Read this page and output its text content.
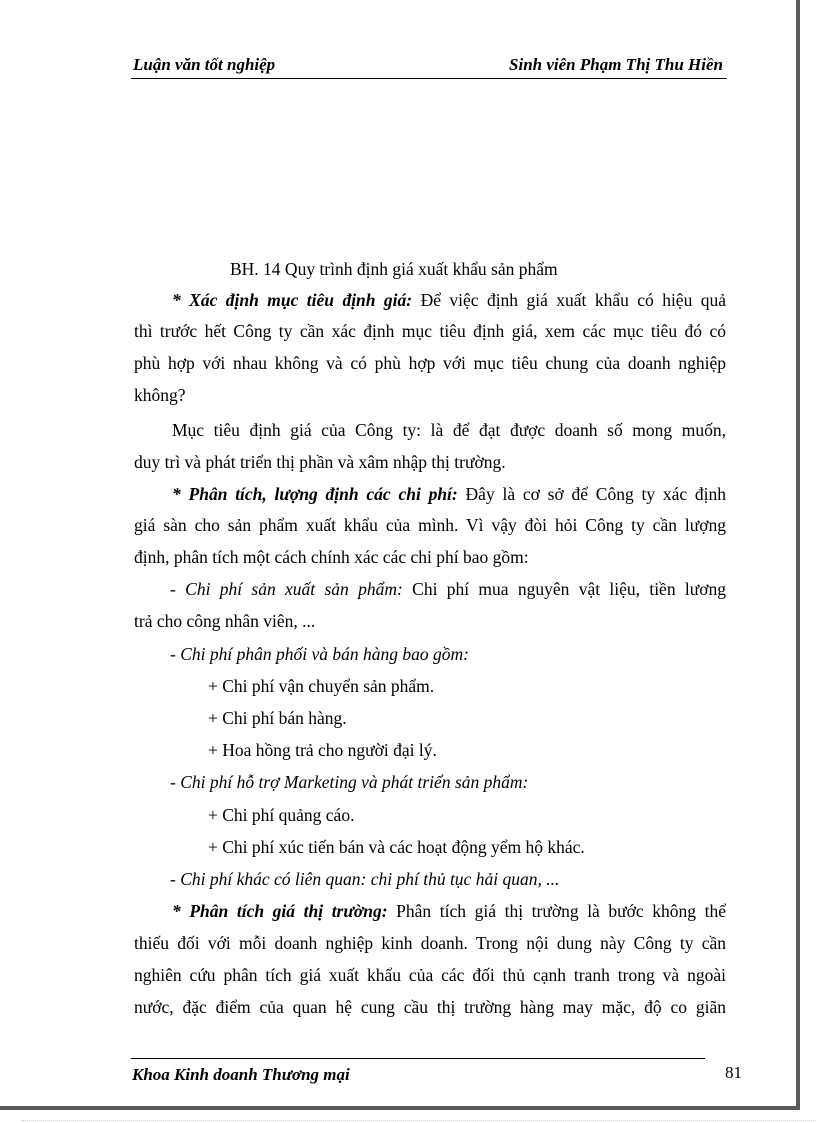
Luận văn tốt nghiệp	Sinh viên Phạm Thị Thu Hiền
BH. 14 Quy trình định giá xuất khẩu sản phẩm
* Xác định mục tiêu định giá: Để việc định giá xuất khẩu có hiệu quả
thì trước hết Công ty cần xác định mục tiêu định giá, xem các mục tiêu đó có
phù hợp với nhau không và có phù hợp với mục tiêu chung của doanh nghiệp
không?
Mục tiêu định giá của Công ty: là để đạt được doanh số mong muốn,
duy trì và phát triển thị phần và xâm nhập thị trường.
* Phân tích, lượng định các chi phí: Đây là cơ sở để Công ty xác định
giá sàn cho sản phẩm xuất khẩu của mình. Vì vậy đòi hỏi Công ty cần lượng
định, phân tích một cách chính xác các chi phí bao gồm:
- Chi phí sản xuất sản phẩm: Chi phí mua nguyên vật liệu, tiền lương
trả cho công nhân viên, ...
- Chi phí phân phối và bán hàng bao gồm:
+ Chi phí vận chuyển sản phẩm.
+ Chi phí bán hàng.
+ Hoa hồng trả cho người đại lý.
- Chi phí hỗ trợ Marketing và phát triển sản phẩm:
+ Chi phí quảng cáo.
+ Chi phí xúc tiến bán và các hoạt động yểm hộ khác.
- Chi phí khác có liên quan: chi phí thủ tục hải quan, ...
* Phân tích giá thị trường: Phân tích giá thị trường là bước không thể
thiếu đối với mỗi doanh nghiệp kinh doanh. Trong nội dung này Công ty cần
nghiên cứu phân tích giá xuất khẩu của các đối thủ cạnh tranh trong và ngoài
nước, đặc điểm của quan hệ cung cầu thị trường hàng may mặc, độ co giãn
Khoa Kinh doanh Thương mại	81
